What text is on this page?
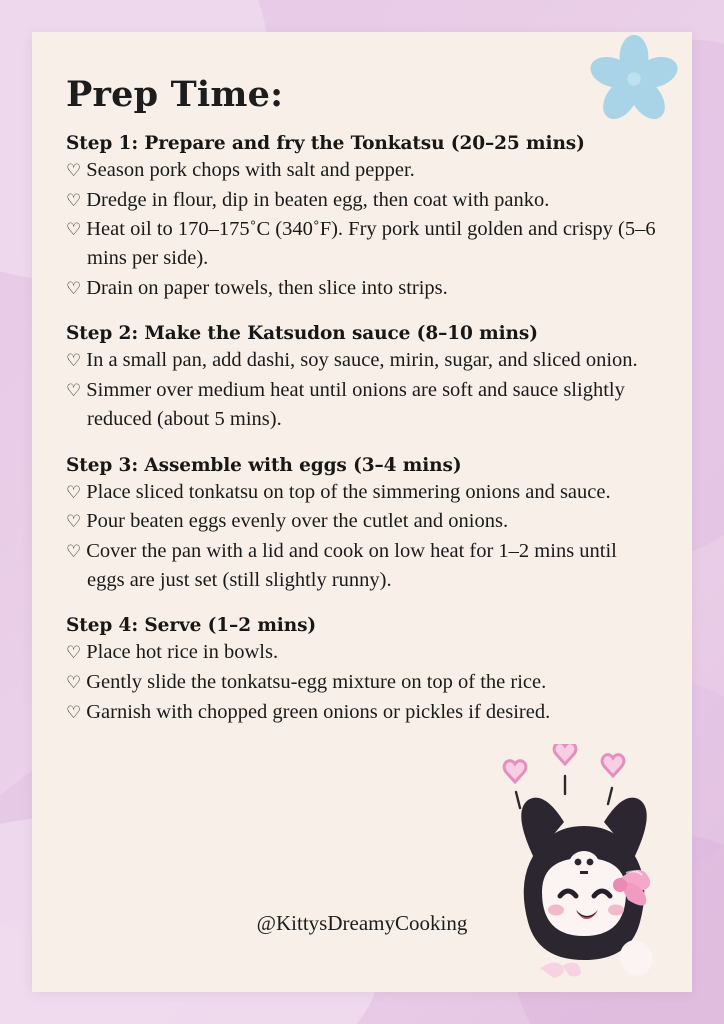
Prep Time:
Step 1: Prepare and fry the Tonkatsu (20–25 mins)
♡ Season pork chops with salt and pepper.
♡ Dredge in flour, dip in beaten egg, then coat with panko.
♡ Heat oil to 170–175˚C (340˚F). Fry pork until golden and crispy (5–6 mins per side).
♡ Drain on paper towels, then slice into strips.
Step 2: Make the Katsudon sauce (8–10 mins)
♡ In a small pan, add dashi, soy sauce, mirin, sugar, and sliced onion.
♡ Simmer over medium heat until onions are soft and sauce slightly reduced (about 5 mins).
Step 3: Assemble with eggs (3–4 mins)
♡ Place sliced tonkatsu on top of the simmering onions and sauce.
♡ Pour beaten eggs evenly over the cutlet and onions.
♡ Cover the pan with a lid and cook on low heat for 1–2 mins until eggs are just set (still slightly runny).
Step 4: Serve (1–2 mins)
♡ Place hot rice in bowls.
♡ Gently slide the tonkatsu-egg mixture on top of the rice.
♡ Garnish with chopped green onions or pickles if desired.
@KittysDreamyCooking
